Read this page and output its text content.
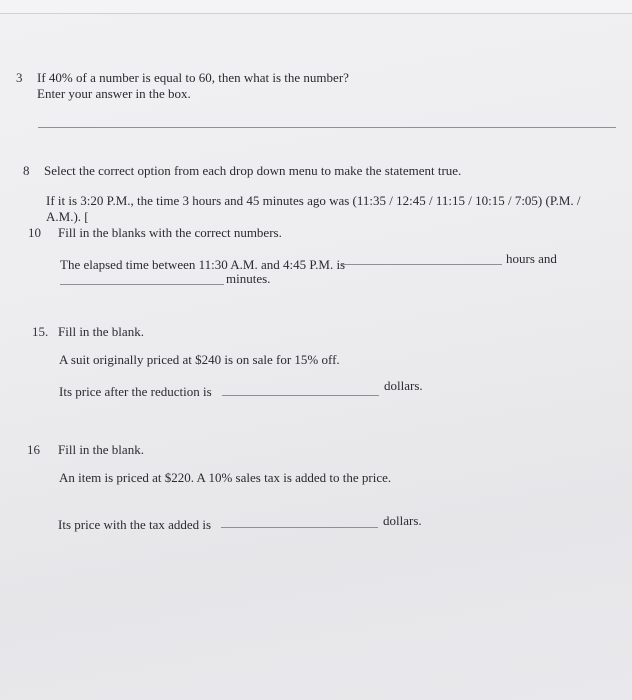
3 If 40% of a number is equal to 60, then what is the number?
Enter your answer in the box.
8 Select the correct option from each drop down menu to make the statement true.
If it is 3:20 P.M., the time 3 hours and 45 minutes ago was (11:35 / 12:45 / 11:15 / 10:15 / 7:05) (P.M. /
A.M.). [
10 Fill in the blanks with the correct numbers.
The elapsed time between 11:30 A.M. and 4:45 P.M. is	hours and
minutes.
15. Fill in the blank.
A suit originally priced at $240 is on sale for 15% off.
Its price after the reduction is	dollars.
16 Fill in the blank.
An item is priced at $220. A 10% sales tax is added to the price.
Its price with the tax added is	dollars.
